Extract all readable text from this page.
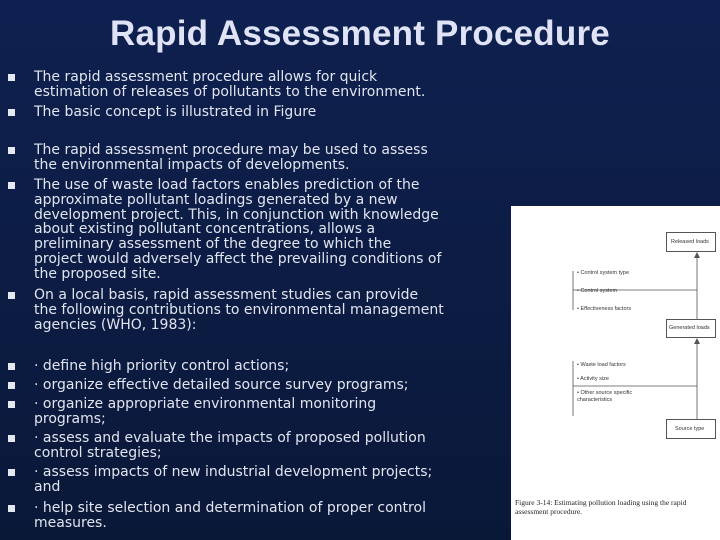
Rapid Assessment Procedure
The rapid assessment procedure allows for quick
estimation of releases of pollutants to the environment.
The basic concept is illustrated in Figure
The rapid assessment procedure may be used to assess
the environmental impacts of developments.
The use of waste load factors enables prediction of the
approximate pollutant loadings generated by a new
development project. This, in conjunction with knowledge
about existing pollutant concentrations, allows a
preliminary assessment of the degree to which the
project would adversely affect the prevailing conditions of
the proposed site.
On a local basis, rapid assessment studies can provide
the following contributions to environmental management
agencies (WHO, 1983):
· define high priority control actions;
· organize effective detailed source survey programs;
· organize appropriate environmental monitoring
programs;
· assess and evaluate the impacts of proposed pollution
control strategies;
· assess impacts of new industrial development projects;
and
· help site selection and determination of proper control
measures.
Released loads
Generated loads
Source type
• Control system type
• Control system
• Effectiveness factors
• Waste load factors
• Activity size
• Other source specific characteristics
Figure 3-14: Estimating pollution loading using the rapid assessment procedure.
